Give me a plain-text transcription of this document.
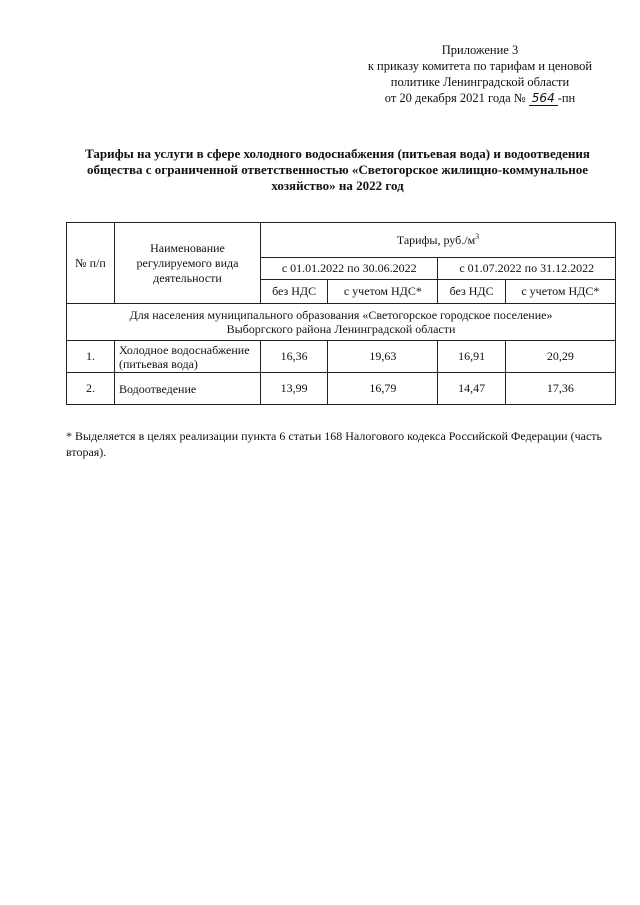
Приложение 3
к приказу комитета по тарифам и ценовой
политике Ленинградской области
от 20 декабря 2021 года № 564 -пн
Тарифы на услуги в сфере холодного водоснабжения (питьевая вода) и водоотведения
общества с ограниченной ответственностью «Светогорское жилищно-коммунальное
хозяйство» на 2022 год
№ п/п	Наименование регулируемого вида деятельности	Тарифы, $руб./м^3$
		с 01.01.2022 по 30.06.2022		с 01.07.2022 по 31.12.2022	
		без НДС	с учетом НДС*	без НДС	с учетом НДС*

Для населения муниципального образования «Светогорское городское поселение»
Выборгского района Ленинградской области					

1.	Холодное водоснабжение (питьевая вода)	16,36	19,63	16,91	20,29
2.	Водоотведение	13,99	16,79	14,47	17,36
* Выделяется в целях реализации пункта 6 статьи 168 Налогового кодекса Российской Федерации (часть вторая).
